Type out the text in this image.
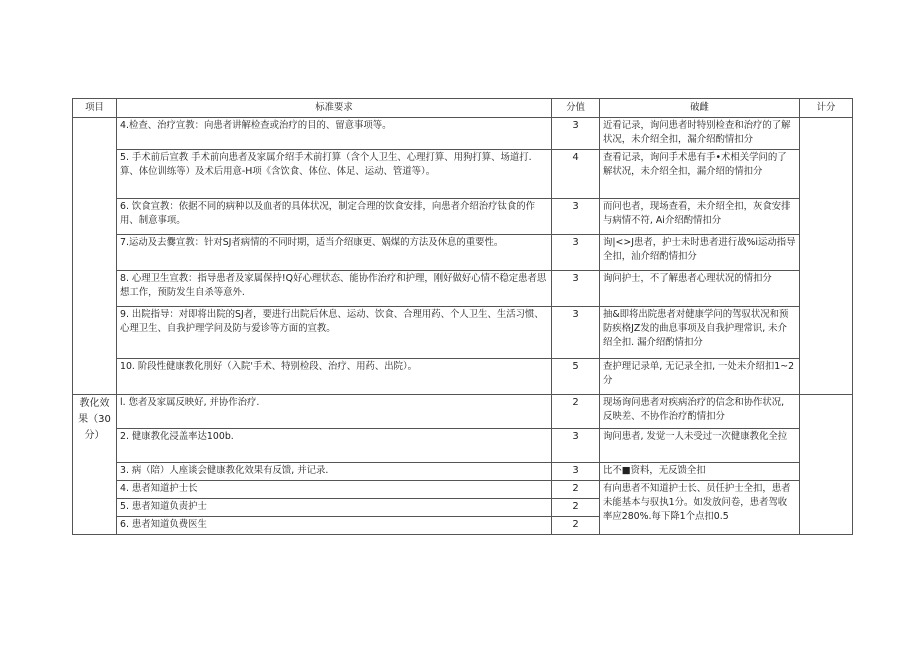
项目	标准要求	分值	破雌	计分
	4.检查、治疗宣教：向患者讲解检查或治疗的目的、留意事项等。	3	近看记录，询问患者时特别检查和治疗的了解状况，未介绍全扣，漏介绍酌情扣分	
	5. 手术前后宣教 手术前向患者及家属介绍手术前打算（含个人卫生、心理打算、用狗打算、场道打. 算、体位训练等）及术后用意-H项《含饮食、体位、体足、运动、管道等）。	4	查看记录，询问手术患有手•术相关学问的了解状况，未介绍全扣，漏介绍的情扣分	
	6. 饮食宣教：依据不同的病种以及血者的具体状况，制定合理的饮食安排，向患者介绍治疗钛食的作用、制意事项。	3	而问也者，现场查看，未介绍全扣，灰食安排与病情不符, Ai介绍酌情扣分	
	7.运动及去爨宣教：针对SJ者病情的不同时期，适当介绍康更、娲煤的方法及休息的重要性。	3	询|<>J患者，护士未时患者进行战%i运动指导全扣，汕介绍酌情扣分	
	8. 心理卫生宣教：指导患者及家属保持!Q好心理状态、能协作治疗和护理，刚好做好心情不稳定患者思想工作，预防发生自杀等意外.	3	询问护士，不了解患者心理状况的情扣分	
	9. 出院指导：对即将出院的SJ者，要进行出院后休息、运动、饮食、合理用药、个人卫生、生活习惯、心理卫生、自我护理学问及防与爱诊等方面的宣教。	3	抽&即将出院患者对健康学问的驾驭状况和预防疾格JZ发的曲息事项及自我护理常识, 未介绍全扣. 漏介绍酌情扣分	
	10. 阶段性健康教化刖好（入院'手术、特别检段、治疗、用药、出院）。	5	查护理记录单, 无记录全扣, 一处未介绍扣1~2分	
教化效果（30分）	l. 您者及家属反映好, 并协作治疗.	2	现场询问患者对疾病治疗的信念和协作状况, 反映差、不协作治疗酌情扣分	
	2. 健康教化浸盖率达100b.	3	询问患者, 发觉一人未受过一次健康教化全拉	
	3. 病（陪）人座谈会健康教化效果有反馈, 并记录.	3	比不■资料，无反馈全扣	
	4. 患者知道护士长	2	有向患者不知道护士长、员任护士全扣，患者未能基本与驭执1分。如发放问卷，患者驾收率应280%.每下降1个点扣0.5	
	5. 患者知道负责护士	2		
	6. 患者知道负费医生	2		
